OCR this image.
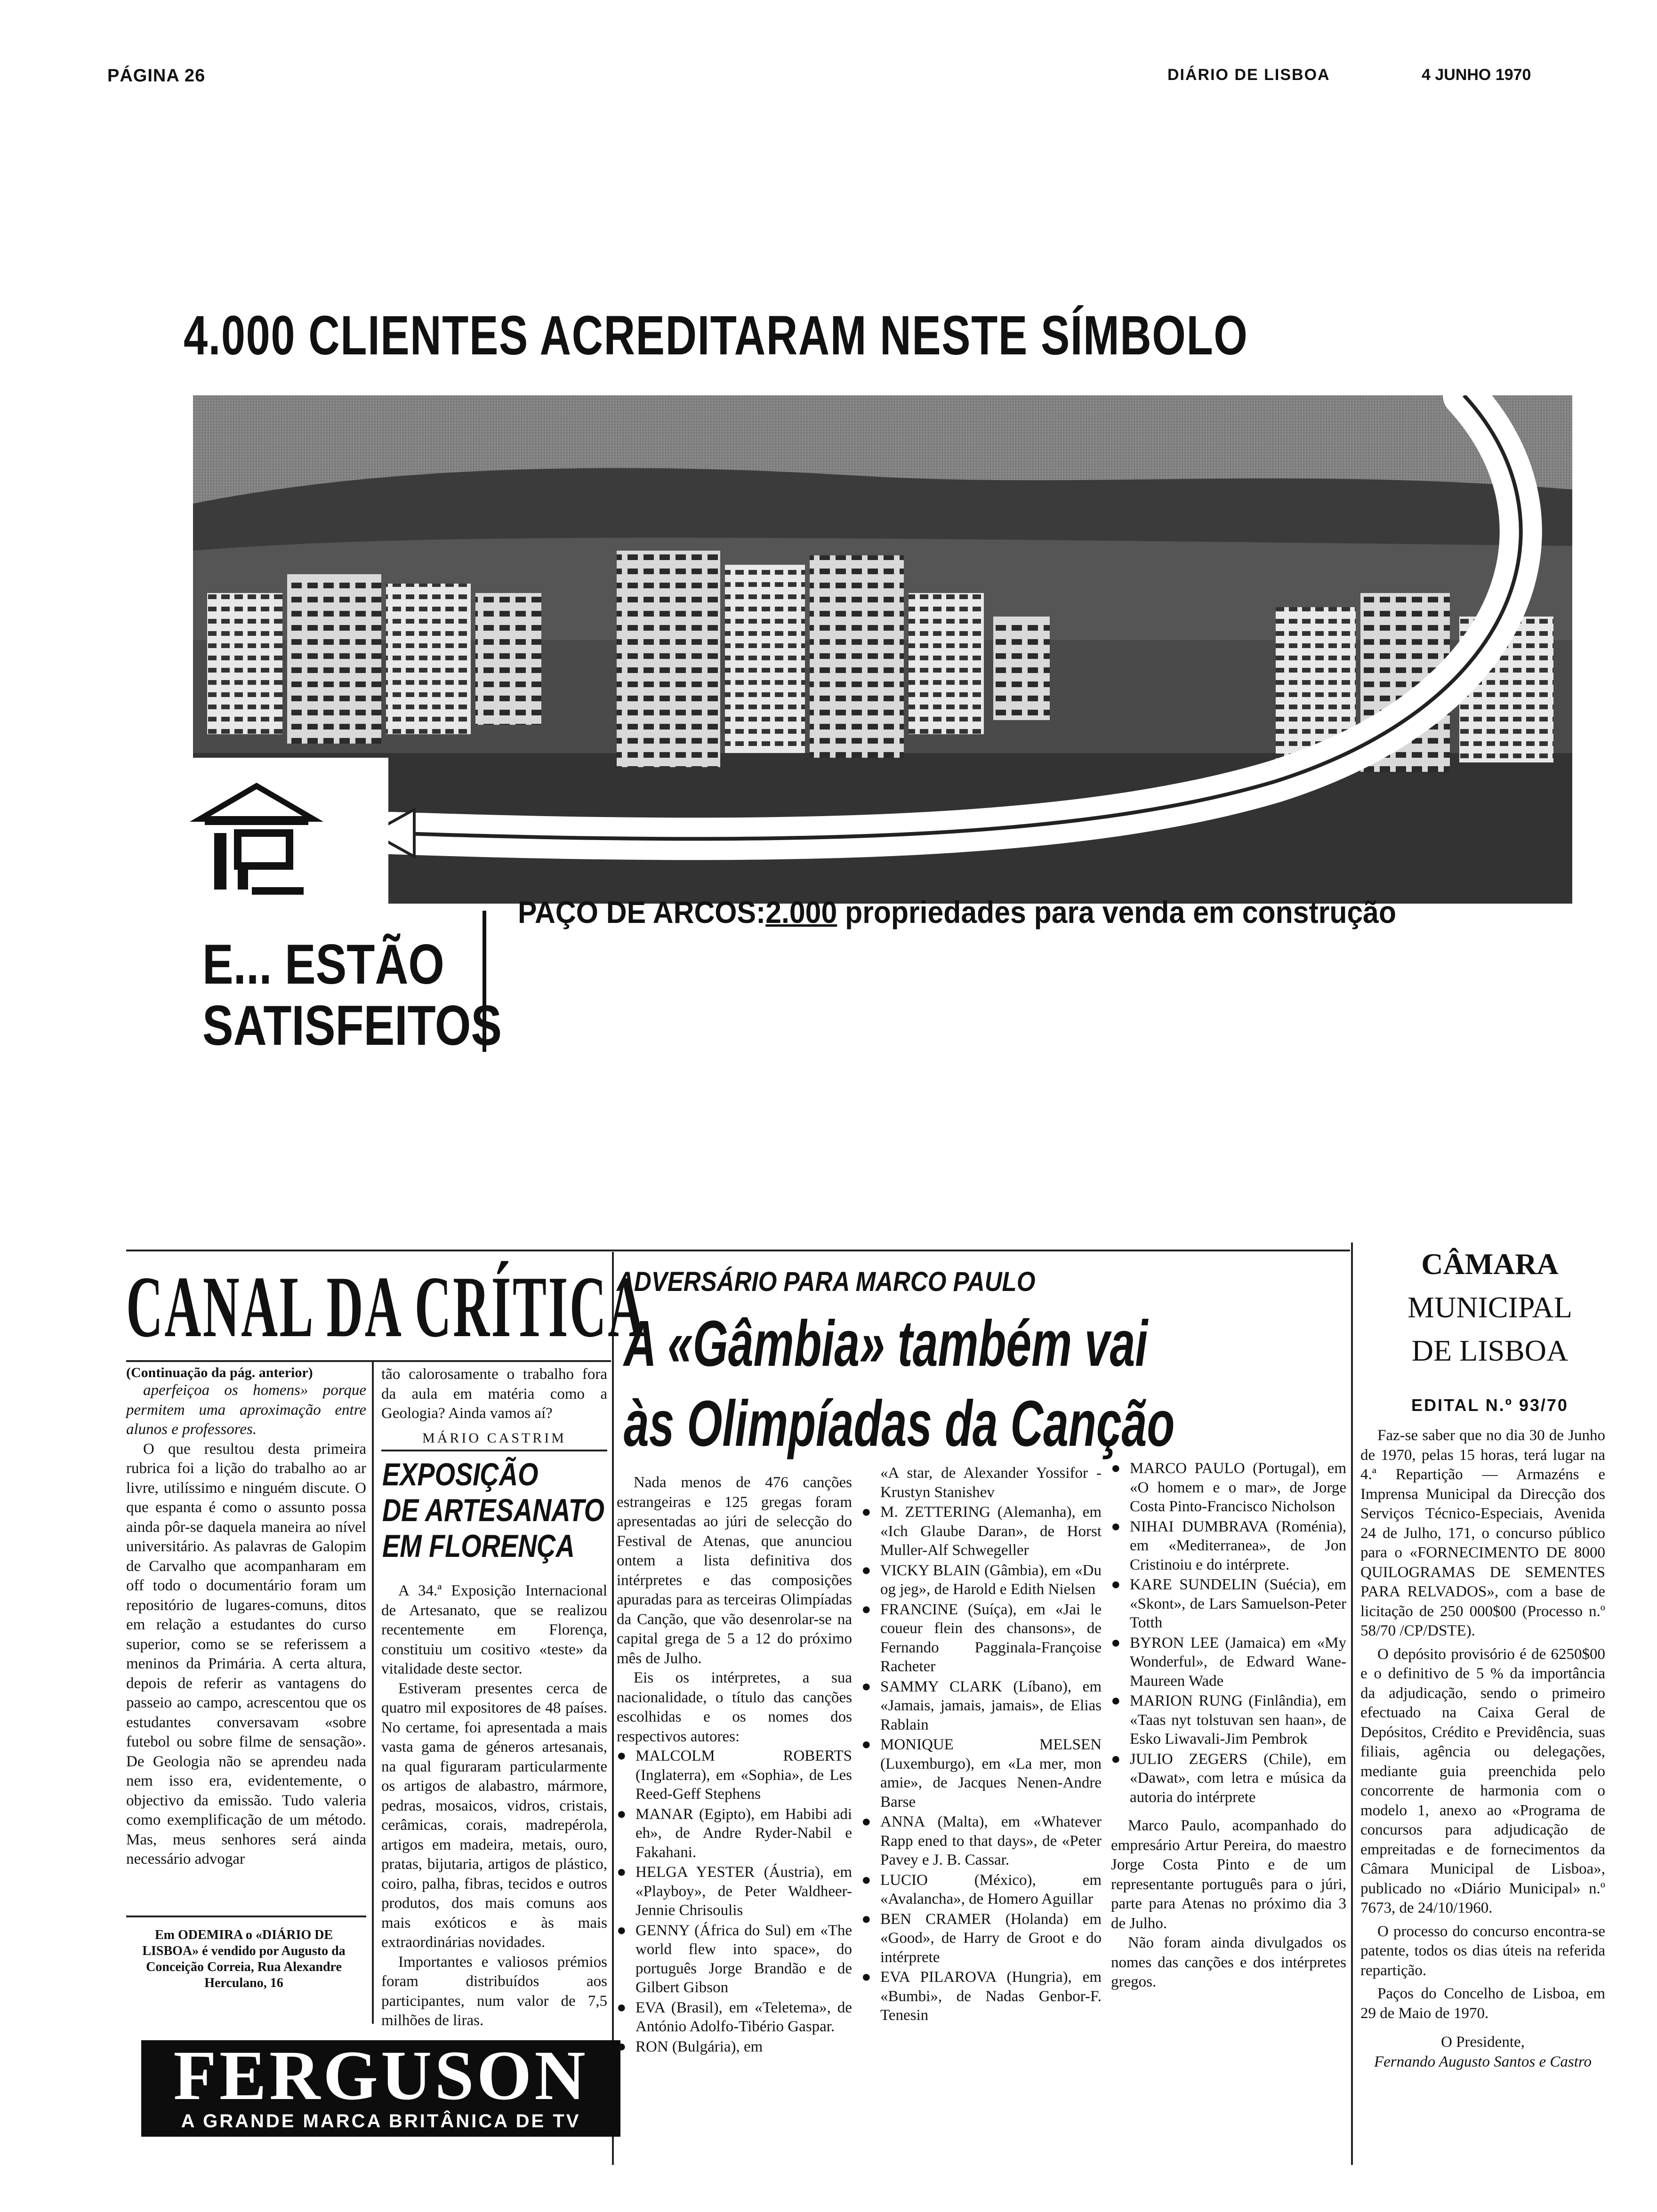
PÁGINA 26	DIÁRIO DE LISBOA	4 JUNHO 1970
4.000 CLIENTES ACREDITARAM NESTE SÍMBOLO
PAÇO DE ARCOS:2.000 propriedades para venda em construção
E... ESTÃO
SATISFEITOS
CANAL DA CRÍTICA
(Continuação da pág. anterior)

aperfeiçoa os homens» porque permitem uma aproximação entre alunos e professores.

O que resultou desta primeira rubrica foi a lição do trabalho ao ar livre, utilíssimo e ninguém discute. O que espanta é como o assunto possa ainda pôr-se daquela maneira ao nível universitário. As palavras de Galopim de Carvalho que acompanharam em off todo o documentário foram um repositório de lugares-comuns, ditos em relação a estudantes do curso superior, como se se referissem a meninos da Primária. A certa altura, depois de referir as vantagens do passeio ao campo, acrescentou que os estudantes conversavam «sobre futebol ou sobre filme de sensação». De Geologia não se aprendeu nada nem isso era, evidentemente, o objectivo da emissão. Tudo valeria como exemplificação de um método. Mas, meus senhores será ainda necessário advogar

Em ODEMIRA o «DIÁRIO DE LISBOA» é vendido por Augusto da Conceição Correia, Rua Alexandre Herculano, 16
tão calorosamente o trabalho fora da aula em matéria como a Geologia? Ainda vamos aí?
MÁRIO CASTRIM
EXPOSIÇÃO
DE ARTESANATO
EM FLORENÇA

A 34.ª Exposição Internacional de Artesanato, que se realizou recentemente em Florença, constituiu um cositivo «teste» da vitalidade deste sector.

Estiveram presentes cerca de quatro mil expositores de 48 países. No certame, foi apresentada a mais vasta gama de géneros artesanais, na qual figuraram particularmente os artigos de alabastro, mármore, pedras, mosaicos, vidros, cristais, cerâmicas, corais, madrepérola, artigos em madeira, metais, ouro, pratas, bijutaria, artigos de plástico, coiro, palha, fibras, tecidos e outros produtos, dos mais comuns aos mais exóticos e às mais extraordinárias novidades.

Importantes e valiosos prémios foram distribuídos aos participantes, num valor de 7,5 milhões de liras.

FERGUSON
A GRANDE MARCA BRITÂNICA DE TV
ADVERSÁRIO PARA MARCO PAULO
A «Gâmbia» também vai
às Olimpíadas da Canção

Nada menos de 476 canções estrangeiras e 125 gregas foram apresentadas ao júri de selecção do Festival de Atenas, que anunciou ontem a lista definitiva dos intérpretes e das composições apuradas para as terceiras Olimpíadas da Canção, que vão desenrolar-se na capital grega de 5 a 12 do próximo mês de Julho.

Eis os intérpretes, a sua nacionalidade, o título das canções escolhidas e os nomes dos respectivos autores:

● MALCOLM ROBERTS (Inglaterra), em «Sophia», de Les Reed-Geff Stephens
● MANAR (Egipto), em Habibi adi eh», de Andre Ryder-Nabil e Fakahani.
● HELGA YESTER (Áustria), em «Playboy», de Peter Waldheer-Jennie Chrisoulis
● GENNY (África do Sul) em «The world flew into space», do português Jorge Brandão e de Gilbert Gibson
● EVA (Brasil), em «Teletema», de António Adolfo-Tibério Gaspar.
● RON (Bulgária), em
«A star, de Alexander Yossifor - Krustyn Stanishev
● M. ZETTERING (Alemanha), em «Ich Glaube Daran», de Horst Muller-Alf Schwegeller
● VICKY BLAIN (Gâmbia), em «Du og jeg», de Harold e Edith Nielsen
● FRANCINE (Suíça), em «Jai le coueur flein des chansons», de Fernando Pagginala-Françoise Racheter
● SAMMY CLARK (Líbano), em «Jamais, jamais, jamais», de Elias Rablain
● MONIQUE MELSEN (Luxemburgo), em «La mer, mon amie», de Jacques Nenen-Andre Barse
● ANNA (Malta), em «Whatever Rapp ened to that days», de «Peter Pavey e J. B. Cassar.
● LUCIO (México), em «Avalancha», de Homero Aguillar
● BEN CRAMER (Holanda) em «Good», de Harry de Groot e do intérprete
● EVA PILAROVA (Hungria), em «Bumbi», de Nadas Genbor-F. Tenesin
● MARCO PAULO (Portugal), em «O homem e o mar», de Jorge Costa Pinto-Francisco Nicholson
● NIHAI DUMBRAVA (Roménia), em «Mediterranea», de Jon Cristinoiu e do intérprete.
● KARE SUNDELIN (Suécia), em «Skont», de Lars Samuelson-Peter Totth
● BYRON LEE (Jamaica) em «My Wonderful», de Edward Wane-Maureen Wade
● MARION RUNG (Finlândia), em «Taas nyt tolstuvan sen haan», de Esko Liwavali-Jim Pembrok
● JULIO ZEGERS (Chile), em «Dawat», com letra e música da autoria do intérprete

Marco Paulo, acompanhado do empresário Artur Pereira, do maestro Jorge Costa Pinto e de um representante português para o júri, parte para Atenas no próximo dia 3 de Julho.

Não foram ainda divulgados os nomes das canções e dos intérpretes gregos.

CÂMARA
MUNICIPAL
DE LISBOA
EDITAL N.º 93/70

Faz-se saber que no dia 30 de Junho de 1970, pelas 15 horas, terá lugar na 4.ª Repartição — Armazéns e Imprensa Municipal da Direcção dos Serviços Técnico-Especiais, Avenida 24 de Julho, 171, o concurso público para o «FORNECIMENTO DE 8000 QUILOGRAMAS DE SEMENTES PARA RELVADOS», com a base de licitação de 250 000$00 (Processo n.º 58/70 /CP/DSTE).

O depósito provisório é de 6250$00 e o definitivo de 5 % da importância da adjudicação, sendo o primeiro efectuado na Caixa Geral de Depósitos, Crédito e Previdência, suas filiais, agência ou delegações, mediante guia preenchida pelo concorrente de harmonia com o modelo 1, anexo ao «Programa de concursos para adjudicação de empreitadas e de fornecimentos da Câmara Municipal de Lisboa», publicado no «Diário Municipal» n.º 7673, de 24/10/1960.

O processo do concurso encontra-se patente, todos os dias úteis na referida repartição.

Paços do Concelho de Lisboa, em 29 de Maio de 1970.

O Presidente,
Fernando Augusto Santos e Castro
